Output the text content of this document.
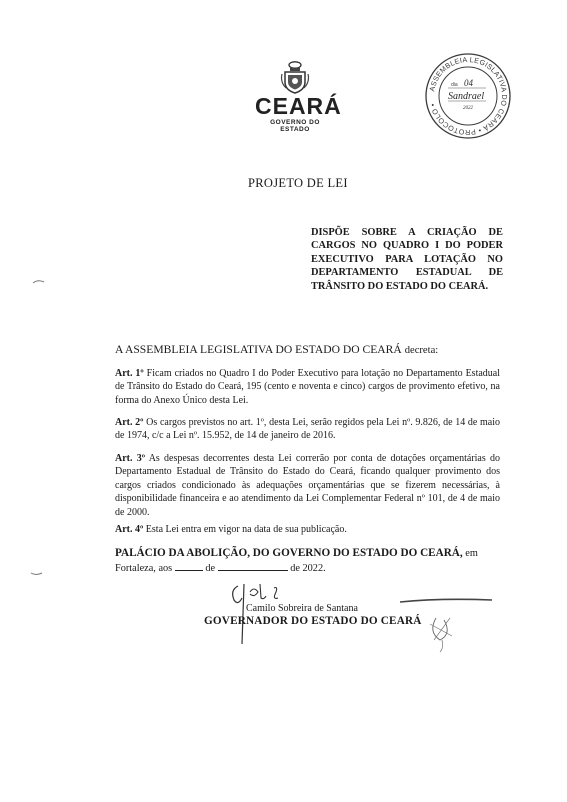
CEARÁ
GOVERNO DO ESTADO
ASSEMBLEIA LEGISLATIVA DO CEARÁ • PROTOCOLO •
dia 04
Sandrael
2022
PROJETO DE LEI
DISPÕE SOBRE A CRIAÇÃO DE CARGOS NO QUADRO I DO PODER EXECUTIVO PARA LOTAÇÃO NO DEPARTAMENTO ESTADUAL DE TRÂNSITO DO ESTADO DO CEARÁ.
A ASSEMBLEIA LEGISLATIVA DO ESTADO DO CEARÁ decreta:
Art. 1º Ficam criados no Quadro I do Poder Executivo para lotação no Departamento Estadual de Trânsito do Estado do Ceará, 195 (cento e noventa e cinco) cargos de provimento efetivo, na forma do Anexo Único desta Lei.
Art. 2º Os cargos previstos no art. 1º, desta Lei, serão regidos pela Lei nº. 9.826, de 14 de maio de 1974, c/c a Lei nº. 15.952, de 14 de janeiro de 2016.
Art. 3º As despesas decorrentes desta Lei correrão por conta de dotações orçamentárias do Departamento Estadual de Trânsito do Estado do Ceará, ficando qualquer provimento dos cargos criados condicionado às adequações orçamentárias que se fizerem necessárias, à disponibilidade financeira e ao atendimento da Lei Complementar Federal nº 101, de 4 de maio de 2000.
Art. 4º Esta Lei entra em vigor na data de sua publicação.
PALÁCIO DA ABOLIÇÃO, DO GOVERNO DO ESTADO DO CEARÁ, em Fortaleza, aos	de	de 2022.
Camilo Sobreira de Santana
GOVERNADOR DO ESTADO DO CEARÁ
